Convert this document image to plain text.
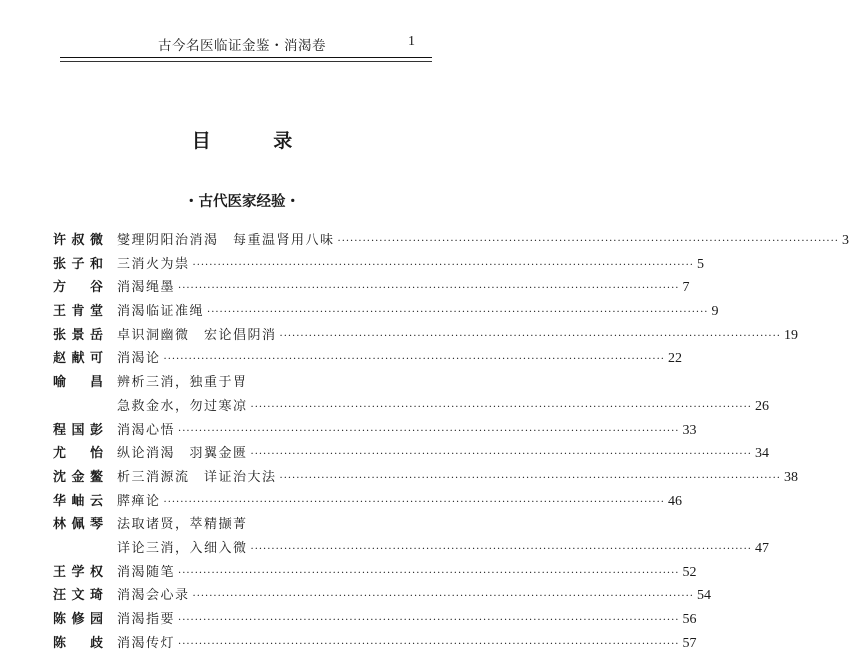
古今名医临证金鉴・消渴卷	1
目 录
・古代医家经验・
许 叔 微 燮理阴阳治消渴　每重温肾用八味 ························································································································ 3
张 子 和 三消火为祟 ························································································································ 5
方 谷 消渴绳墨 ························································································································ 7
王 肯 堂 消渴临证准绳 ························································································································ 9
张 景 岳 卓识洞幽微　宏论倡阴消 ························································································································ 19
赵 献 可 消渴论 ························································································································ 22
喻 昌 辨析三消，独重于胃
急救金水，勿过寒凉 ························································································································ 26
程 国 彭 消渴心悟 ························································································································ 33
尤 怡 纵论消渴　羽翼金匮 ························································································································ 34
沈 金 鳌 析三消源流　详证治大法 ························································································································ 38
华 岫 云 膵瘅论 ························································································································ 46
林 佩 琴 法取诸贤，萃精撷菁
详论三消，入细入微 ························································································································ 47
王 学 权 消渴随笔 ························································································································ 52
汪 文 琦 消渴会心录 ························································································································ 54
陈 修 园 消渴指要 ························································································································ 56
陈 歧 消渴传灯 ························································································································ 57
